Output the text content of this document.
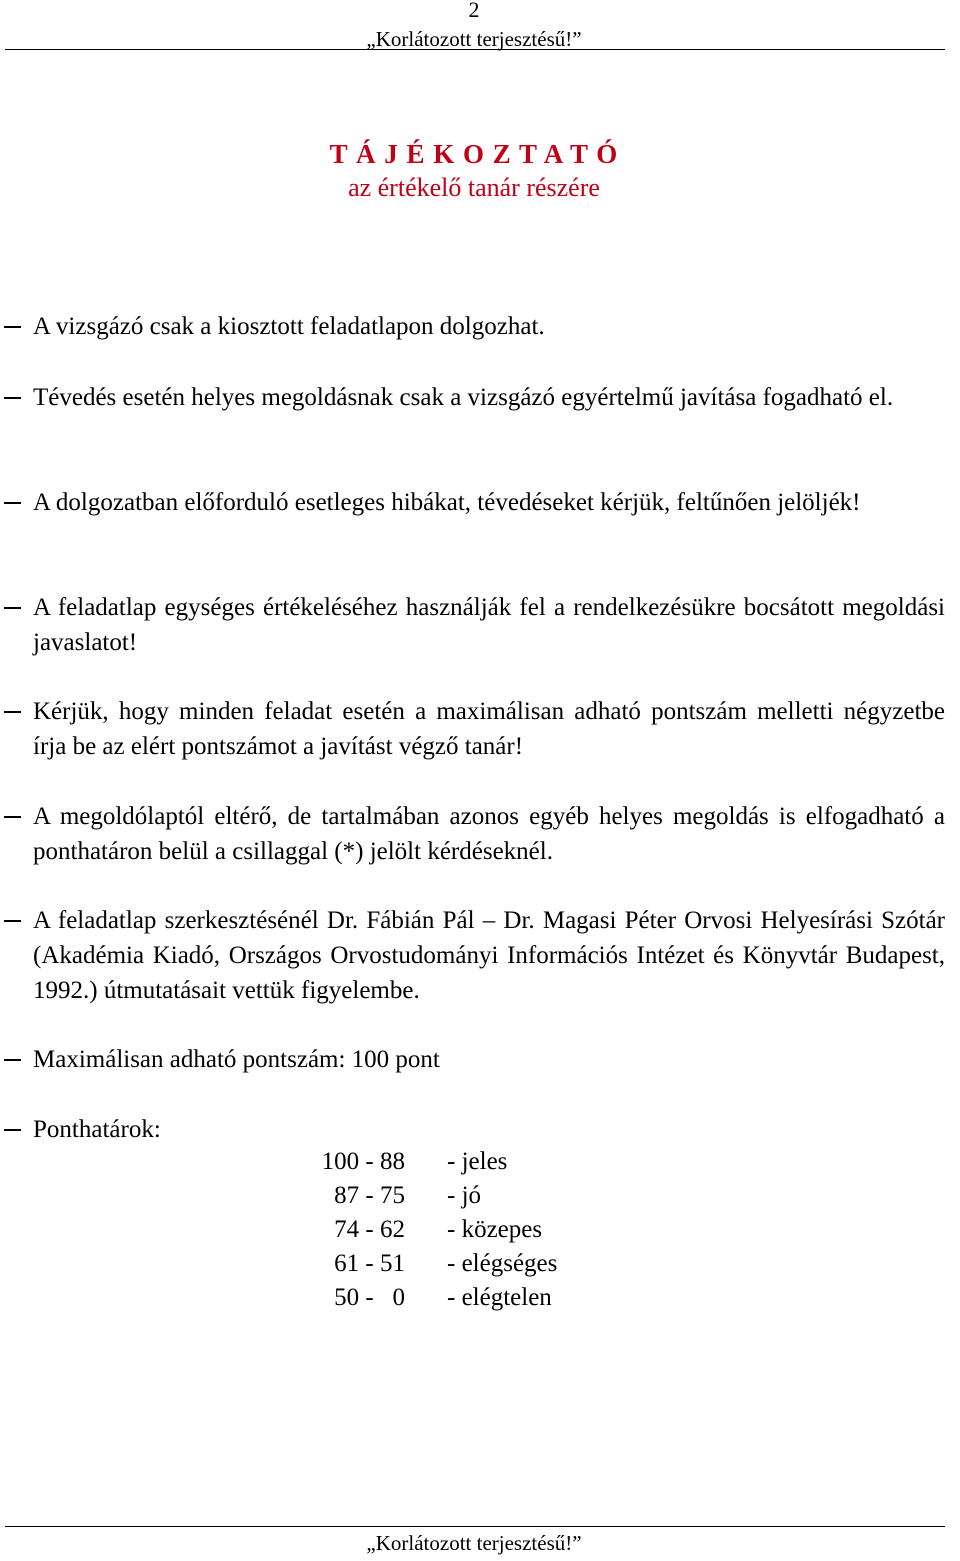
2
„Korlátozott terjesztésű!”
T Á J É K O Z T A T Ó
az értékelő tanár részére
A vizsgázó csak a kiosztott feladatlapon dolgozhat.
Tévedés esetén helyes megoldásnak csak a vizsgázó egyértelmű javítása fogadható el.
A dolgozatban előforduló esetleges hibákat, tévedéseket kérjük, feltűnően jelöljék!
A feladatlap egységes értékeléséhez használják fel a rendelkezésükre bocsátott megoldási javaslatot!
Kérjük, hogy minden feladat esetén a maximálisan adható pontszám melletti négyzetbe írja be az elért pontszámot a javítást végző tanár!
A megoldólaptól eltérő, de tartalmában azonos egyéb helyes megoldás is elfogadható a ponthatáron belül a csillaggal (*) jelölt kérdéseknél.
A feladatlap szerkesztésénél Dr. Fábián Pál – Dr. Magasi Péter Orvosi Helyesírási Szótár (Akadémia Kiadó, Országos Orvostudományi Információs Intézet és Könyvtár Budapest, 1992.) útmutatásait vettük figyelembe.
Maximálisan adható pontszám: 100 pont
Ponthatárok:
100 - 88		- jeles
87 - 75		- jó
74 - 62		- közepes
61 - 51		- elégséges
50 -   0		- elégtelen
„Korlátozott terjesztésű!”
